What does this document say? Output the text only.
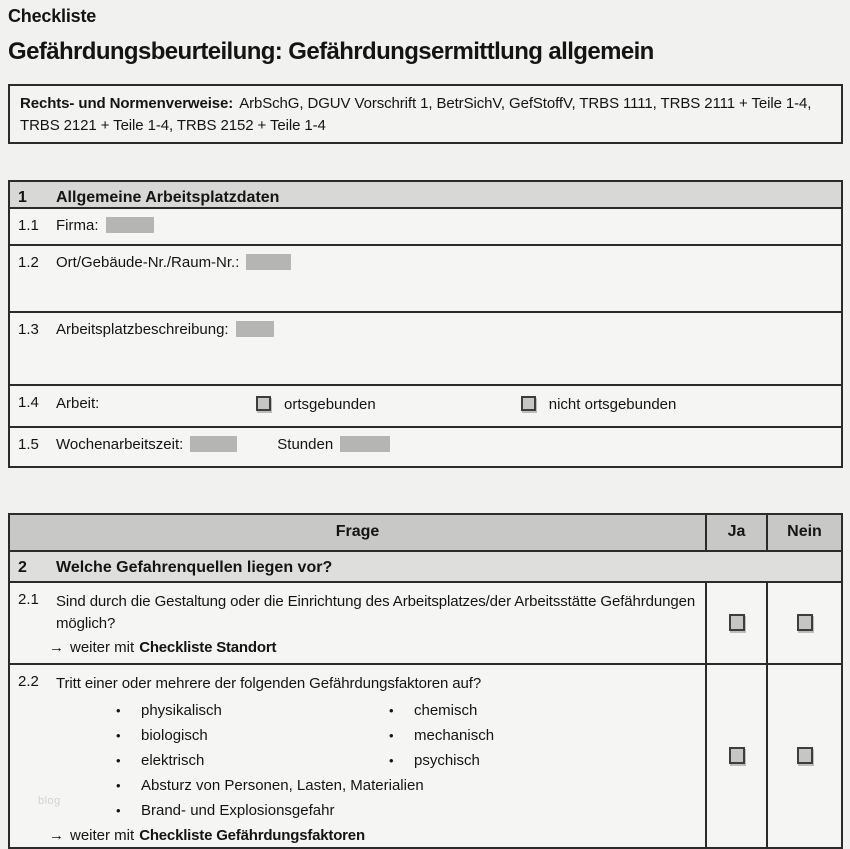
Checkliste
Gefährdungsbeurteilung: Gefährdungsermittlung allgemein
Rechts- und Normenverweise: ArbSchG, DGUV Vorschrift 1, BetrSichV, GefStoffV, TRBS 1111, TRBS 2111 + Teile 1-4, TRBS 2121 + Teile 1-4, TRBS 2152 + Teile 1-4
1	Allgemeine Arbeitsplatzdaten
1.1	Firma:
1.2	Ort/Gebäude-Nr./Raum-Nr.:
1.3	Arbeitsplatzbeschreibung:
1.4	Arbeit:	ortsgebunden	nicht ortsgebunden
1.5	Wochenarbeitszeit:	Stunden
Frage	Ja	Nein
2	Welche Gefahrenquellen liegen vor?
2.1	Sind durch die Gestaltung oder die Einrichtung des Arbeitsplatzes/der Arbeitsstätte Gefährdungen möglich?
→ weiter mit Checkliste Standort
2.2	Tritt einer oder mehrere der folgenden Gefährdungsfaktoren auf?
•	physikalisch
•	biologisch
•	elektrisch
•	chemisch
•	mechanisch
•	psychisch
•	Absturz von Personen, Lasten, Materialien
•	Brand- und Explosionsgefahr
→ weiter mit Checkliste Gefährdungsfaktoren
blog
